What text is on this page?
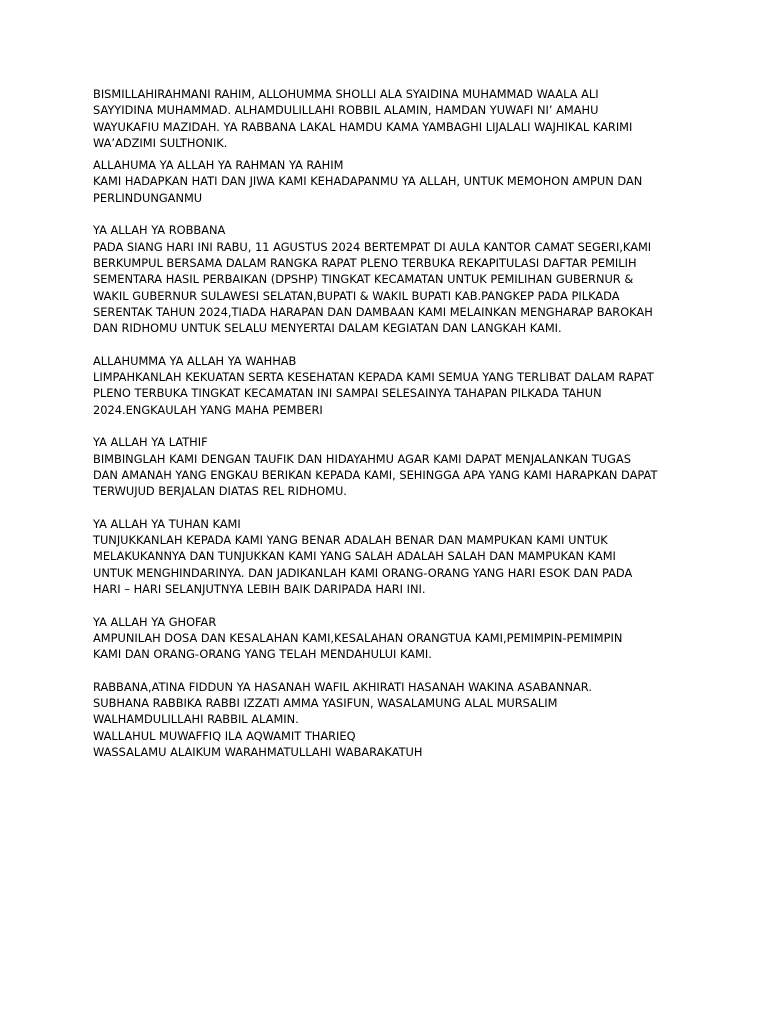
BISMILLAHIRAHMANI RAHIM, ALLOHUMMA SHOLLI ALA SYAIDINA MUHAMMAD WAALA ALI
SAYYIDINA MUHAMMAD. ALHAMDULILLAHI ROBBIL ALAMIN, HAMDAN YUWAFI NI’ AMAHU
WAYUKAFIU MAZIDAH. YA RABBANA LAKAL HAMDU KAMA YAMBAGHI LIJALALI WAJHIKAL KARIMI
WA’ADZIMI SULTHONIK.
ALLAHUMA YA ALLAH YA RAHMAN YA RAHIM
KAMI HADAPKAN HATI DAN JIWA KAMI KEHADAPANMU YA ALLAH, UNTUK MEMOHON AMPUN DAN
PERLINDUNGANMU
YA ALLAH YA ROBBANA
PADA SIANG HARI INI RABU, 11 AGUSTUS 2024 BERTEMPAT DI AULA KANTOR CAMAT SEGERI,KAMI
BERKUMPUL BERSAMA DALAM RANGKA RAPAT PLENO TERBUKA REKAPITULASI DAFTAR PEMILIH
SEMENTARA HASIL PERBAIKAN (DPSHP) TINGKAT KECAMATAN UNTUK PEMILIHAN GUBERNUR &
WAKIL GUBERNUR SULAWESI SELATAN,BUPATI & WAKIL BUPATI KAB.PANGKEP PADA PILKADA
SERENTAK TAHUN 2024,TIADA HARAPAN DAN DAMBAAN KAMI MELAINKAN MENGHARAP BAROKAH
DAN RIDHOMU UNTUK SELALU MENYERTAI DALAM KEGIATAN DAN LANGKAH KAMI.
ALLAHUMMA YA ALLAH YA WAHHAB
LIMPAHKANLAH KEKUATAN SERTA KESEHATAN KEPADA KAMI SEMUA YANG TERLIBAT DALAM RAPAT
PLENO TERBUKA TINGKAT KECAMATAN INI SAMPAI SELESAINYA TAHAPAN PILKADA TAHUN
2024.ENGKAULAH YANG MAHA PEMBERI
YA ALLAH YA LATHIF
BIMBINGLAH KAMI DENGAN TAUFIK DAN HIDAYAHMU AGAR KAMI DAPAT MENJALANKAN TUGAS
DAN AMANAH YANG ENGKAU BERIKAN KEPADA KAMI, SEHINGGA APA YANG KAMI HARAPKAN DAPAT
TERWUJUD BERJALAN DIATAS REL RIDHOMU.
YA ALLAH YA TUHAN KAMI
TUNJUKKANLAH KEPADA KAMI YANG BENAR ADALAH BENAR DAN MAMPUKAN KAMI UNTUK
MELAKUKANNYA DAN TUNJUKKAN KAMI YANG SALAH ADALAH SALAH DAN MAMPUKAN KAMI
UNTUK MENGHINDARINYA. DAN JADIKANLAH KAMI ORANG-ORANG YANG HARI ESOK DAN PADA
HARI – HARI SELANJUTNYA LEBIH BAIK DARIPADA HARI INI.
YA ALLAH YA GHOFAR
AMPUNILAH DOSA DAN KESALAHAN KAMI,KESALAHAN ORANGTUA KAMI,PEMIMPIN-PEMIMPIN
KAMI DAN ORANG-ORANG YANG TELAH MENDAHULUI KAMI.
RABBANA,ATINA FIDDUN YA HASANAH WAFIL AKHIRATI HASANAH WAKINA ASABANNAR.
SUBHANA RABBIKA RABBI IZZATI AMMA YASIFUN, WASALAMUNG ALAL MURSALIM
WALHAMDULILLAHI RABBIL ALAMIN.
WALLAHUL MUWAFFIQ ILA AQWAMIT THARIEQ
WASSALAMU ALAIKUM WARAHMATULLAHI WABARAKATUH
